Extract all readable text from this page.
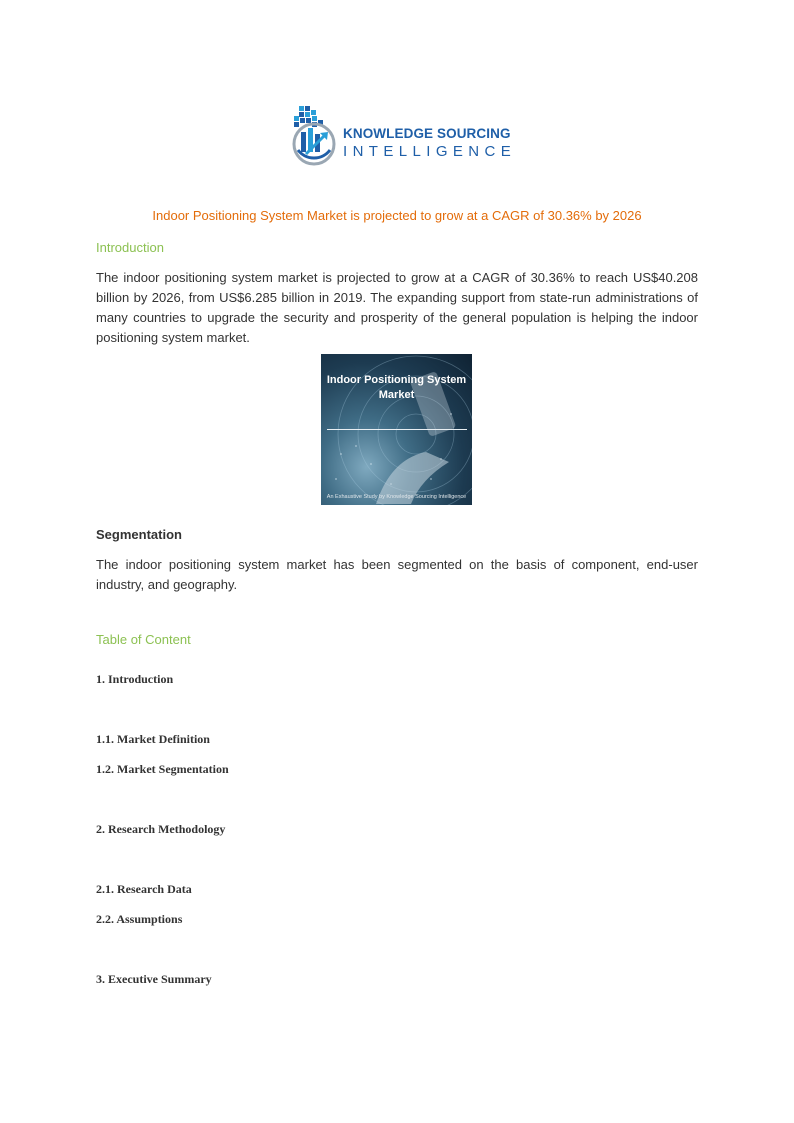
KNOWLEDGE SOURCING
INTELLIGENCE
Indoor Positioning System Market is projected to grow at a CAGR of 30.36% by 2026
Introduction
The indoor positioning system market is projected to grow at a CAGR of 30.36% to reach US$40.208 billion by 2026, from US$6.285 billion in 2019. The expanding support from state-run administrations of many countries to upgrade the security and prosperity of the general population is helping the indoor positioning system market.
Indoor Positioning System Market
An Exhaustive Study by Knowledge Sourcing Intelligence
Segmentation
The indoor positioning system market has been segmented on the basis of component, end-user industry, and geography.
Table of Content
1. Introduction
1.1. Market Definition
1.2. Market Segmentation
2. Research Methodology
2.1. Research Data
2.2. Assumptions
3. Executive Summary
